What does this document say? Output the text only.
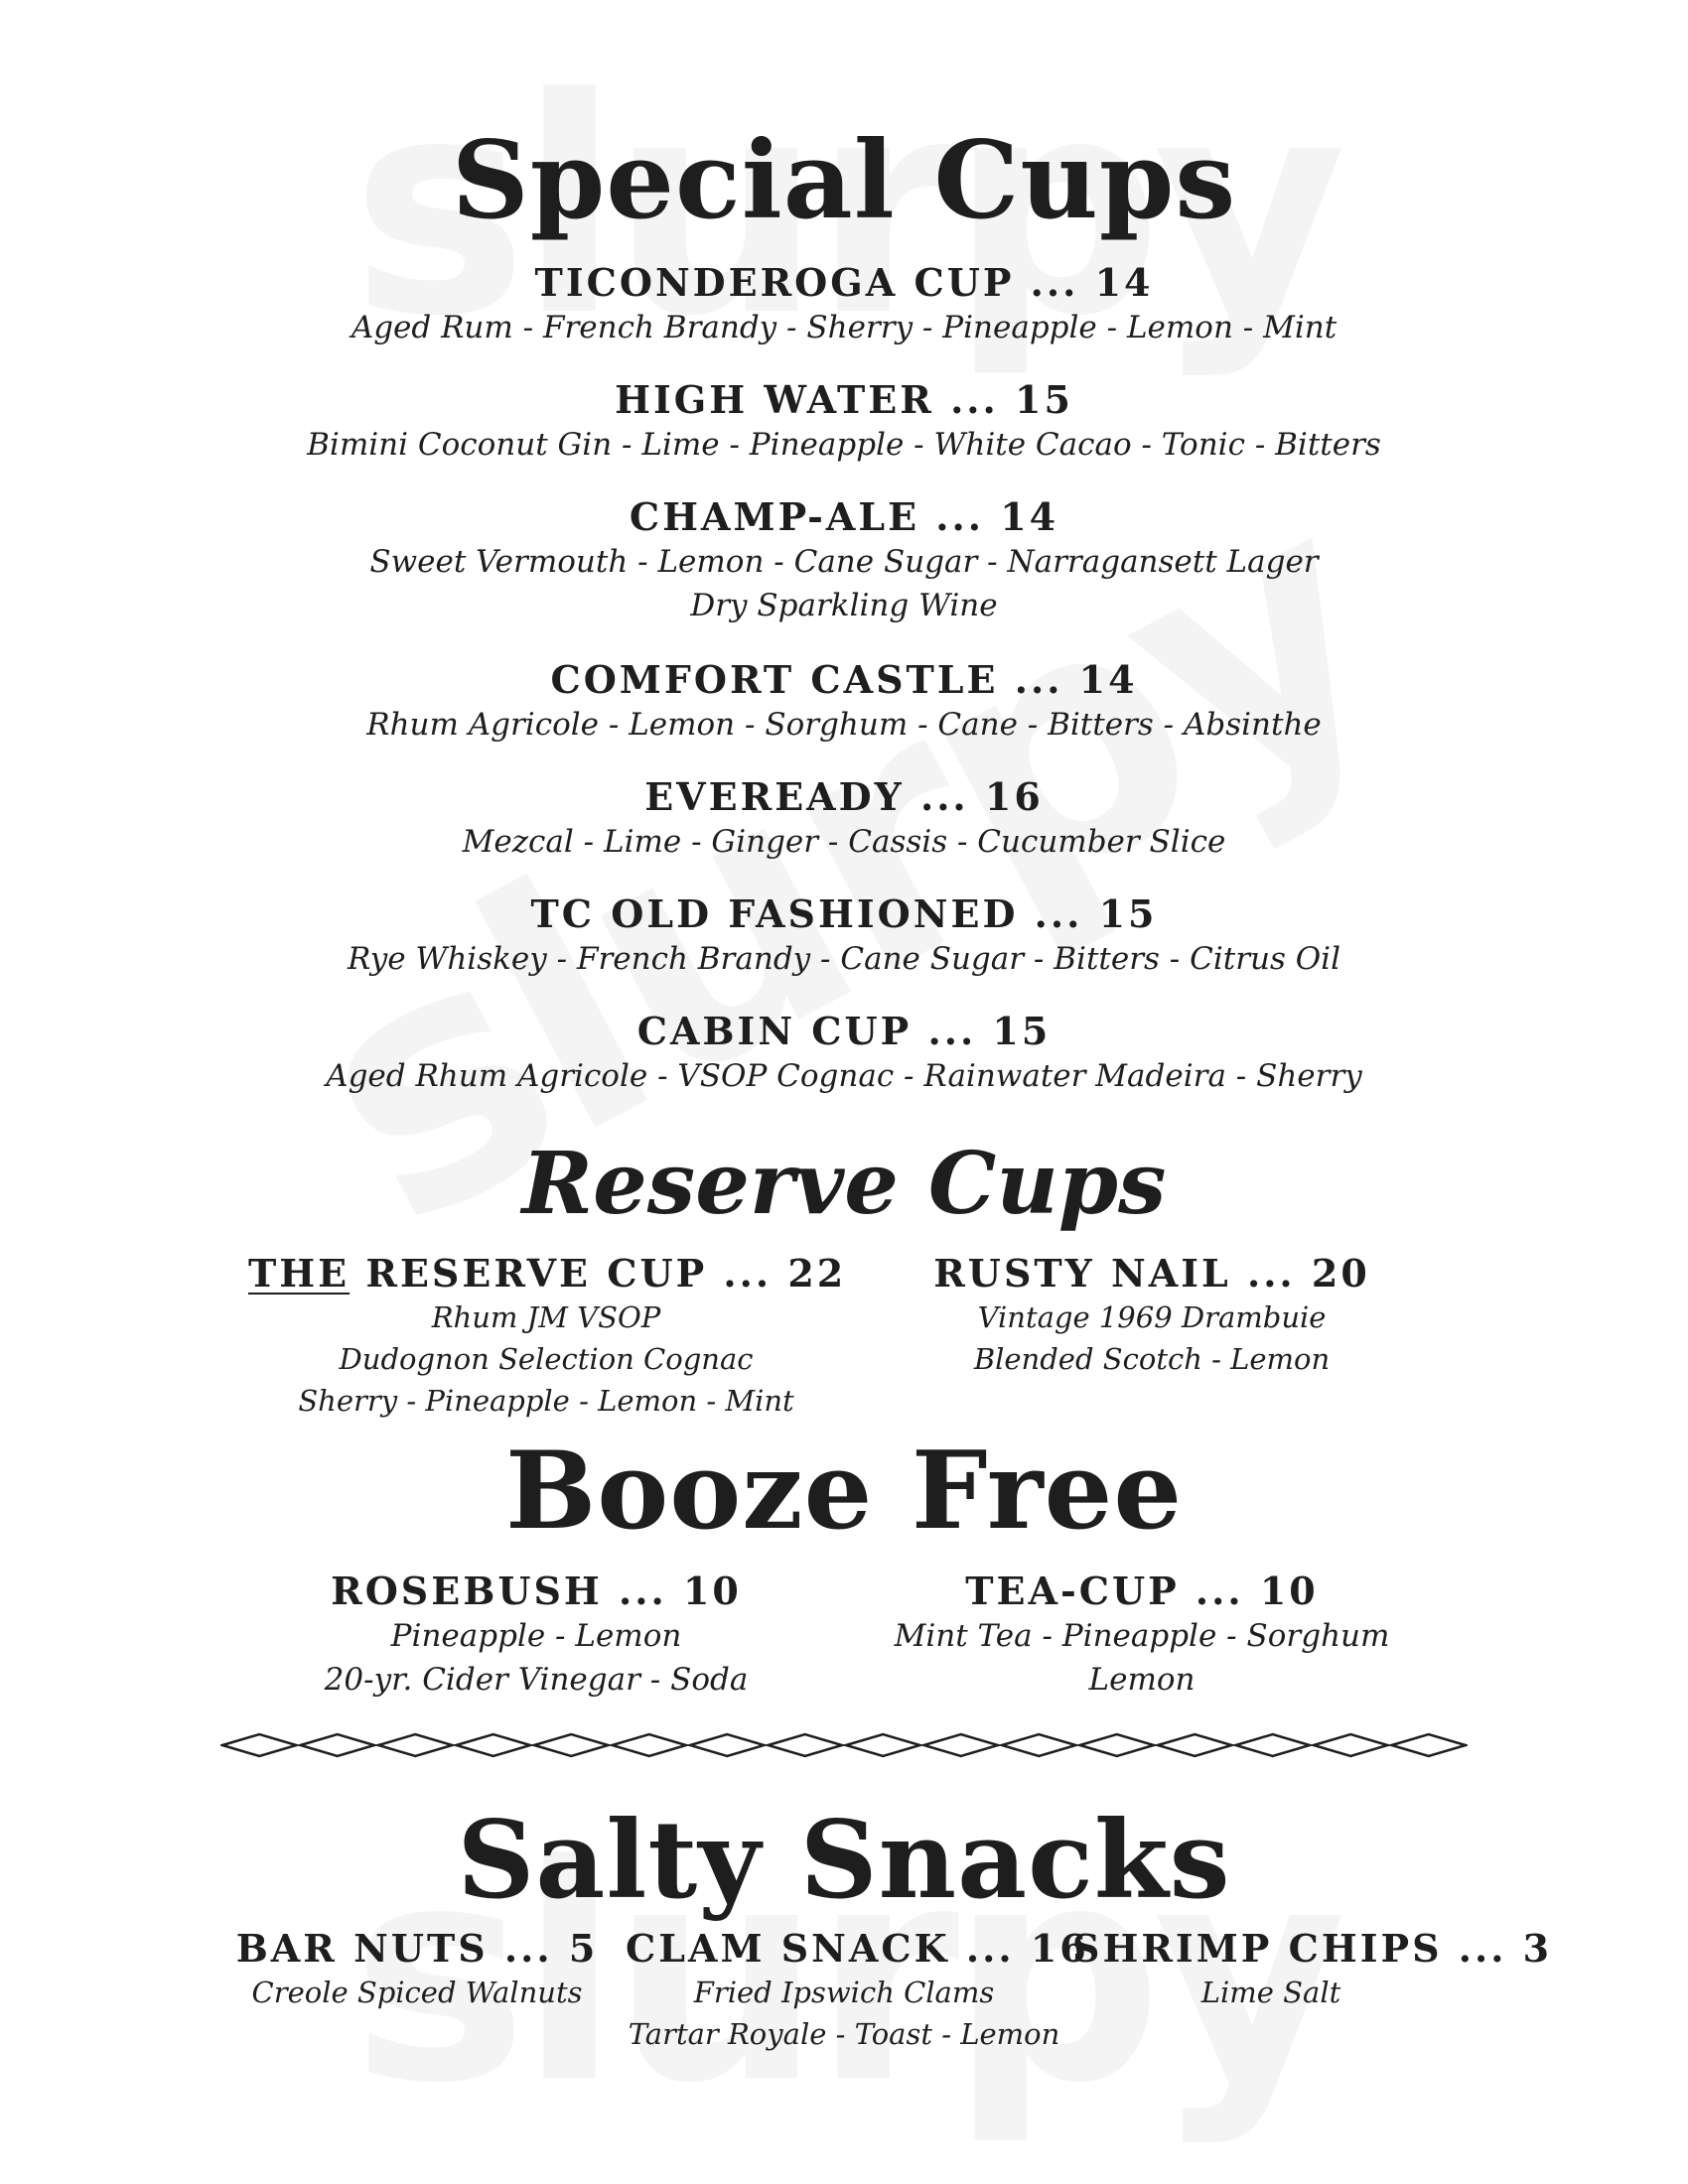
Special Cups
TICONDEROGA CUP ... 14
Aged Rum - French Brandy - Sherry - Pineapple - Lemon - Mint
HIGH WATER ... 15
Bimini Coconut Gin - Lime - Pineapple - White Cacao - Tonic - Bitters
CHAMP-ALE ... 14
Sweet Vermouth - Lemon - Cane Sugar - Narragansett Lager
Dry Sparkling Wine
COMFORT CASTLE ... 14
Rhum Agricole - Lemon - Sorghum - Cane - Bitters - Absinthe
EVEREADY ... 16
Mezcal - Lime - Ginger - Cassis - Cucumber Slice
TC OLD FASHIONED ... 15
Rye Whiskey - French Brandy - Cane Sugar - Bitters - Citrus Oil
CABIN CUP ... 15
Aged Rhum Agricole - VSOP Cognac - Rainwater Madeira - Sherry
Reserve Cups
THE RESERVE CUP ... 22
Rhum JM VSOP
Dudognon Selection Cognac
Sherry - Pineapple - Lemon - Mint
RUSTY NAIL ... 20
Vintage 1969 Drambuie
Blended Scotch - Lemon
Booze Free
ROSEBUSH ... 10
Pineapple - Lemon
20-yr. Cider Vinegar - Soda
TEA-CUP ... 10
Mint Tea - Pineapple - Sorghum
Lemon
Salty Snacks
BAR NUTS ... 5
Creole Spiced Walnuts
CLAM SNACK ... 16
Fried Ipswich Clams
Tartar Royale - Toast - Lemon
SHRIMP CHIPS ... 3
Lime Salt
